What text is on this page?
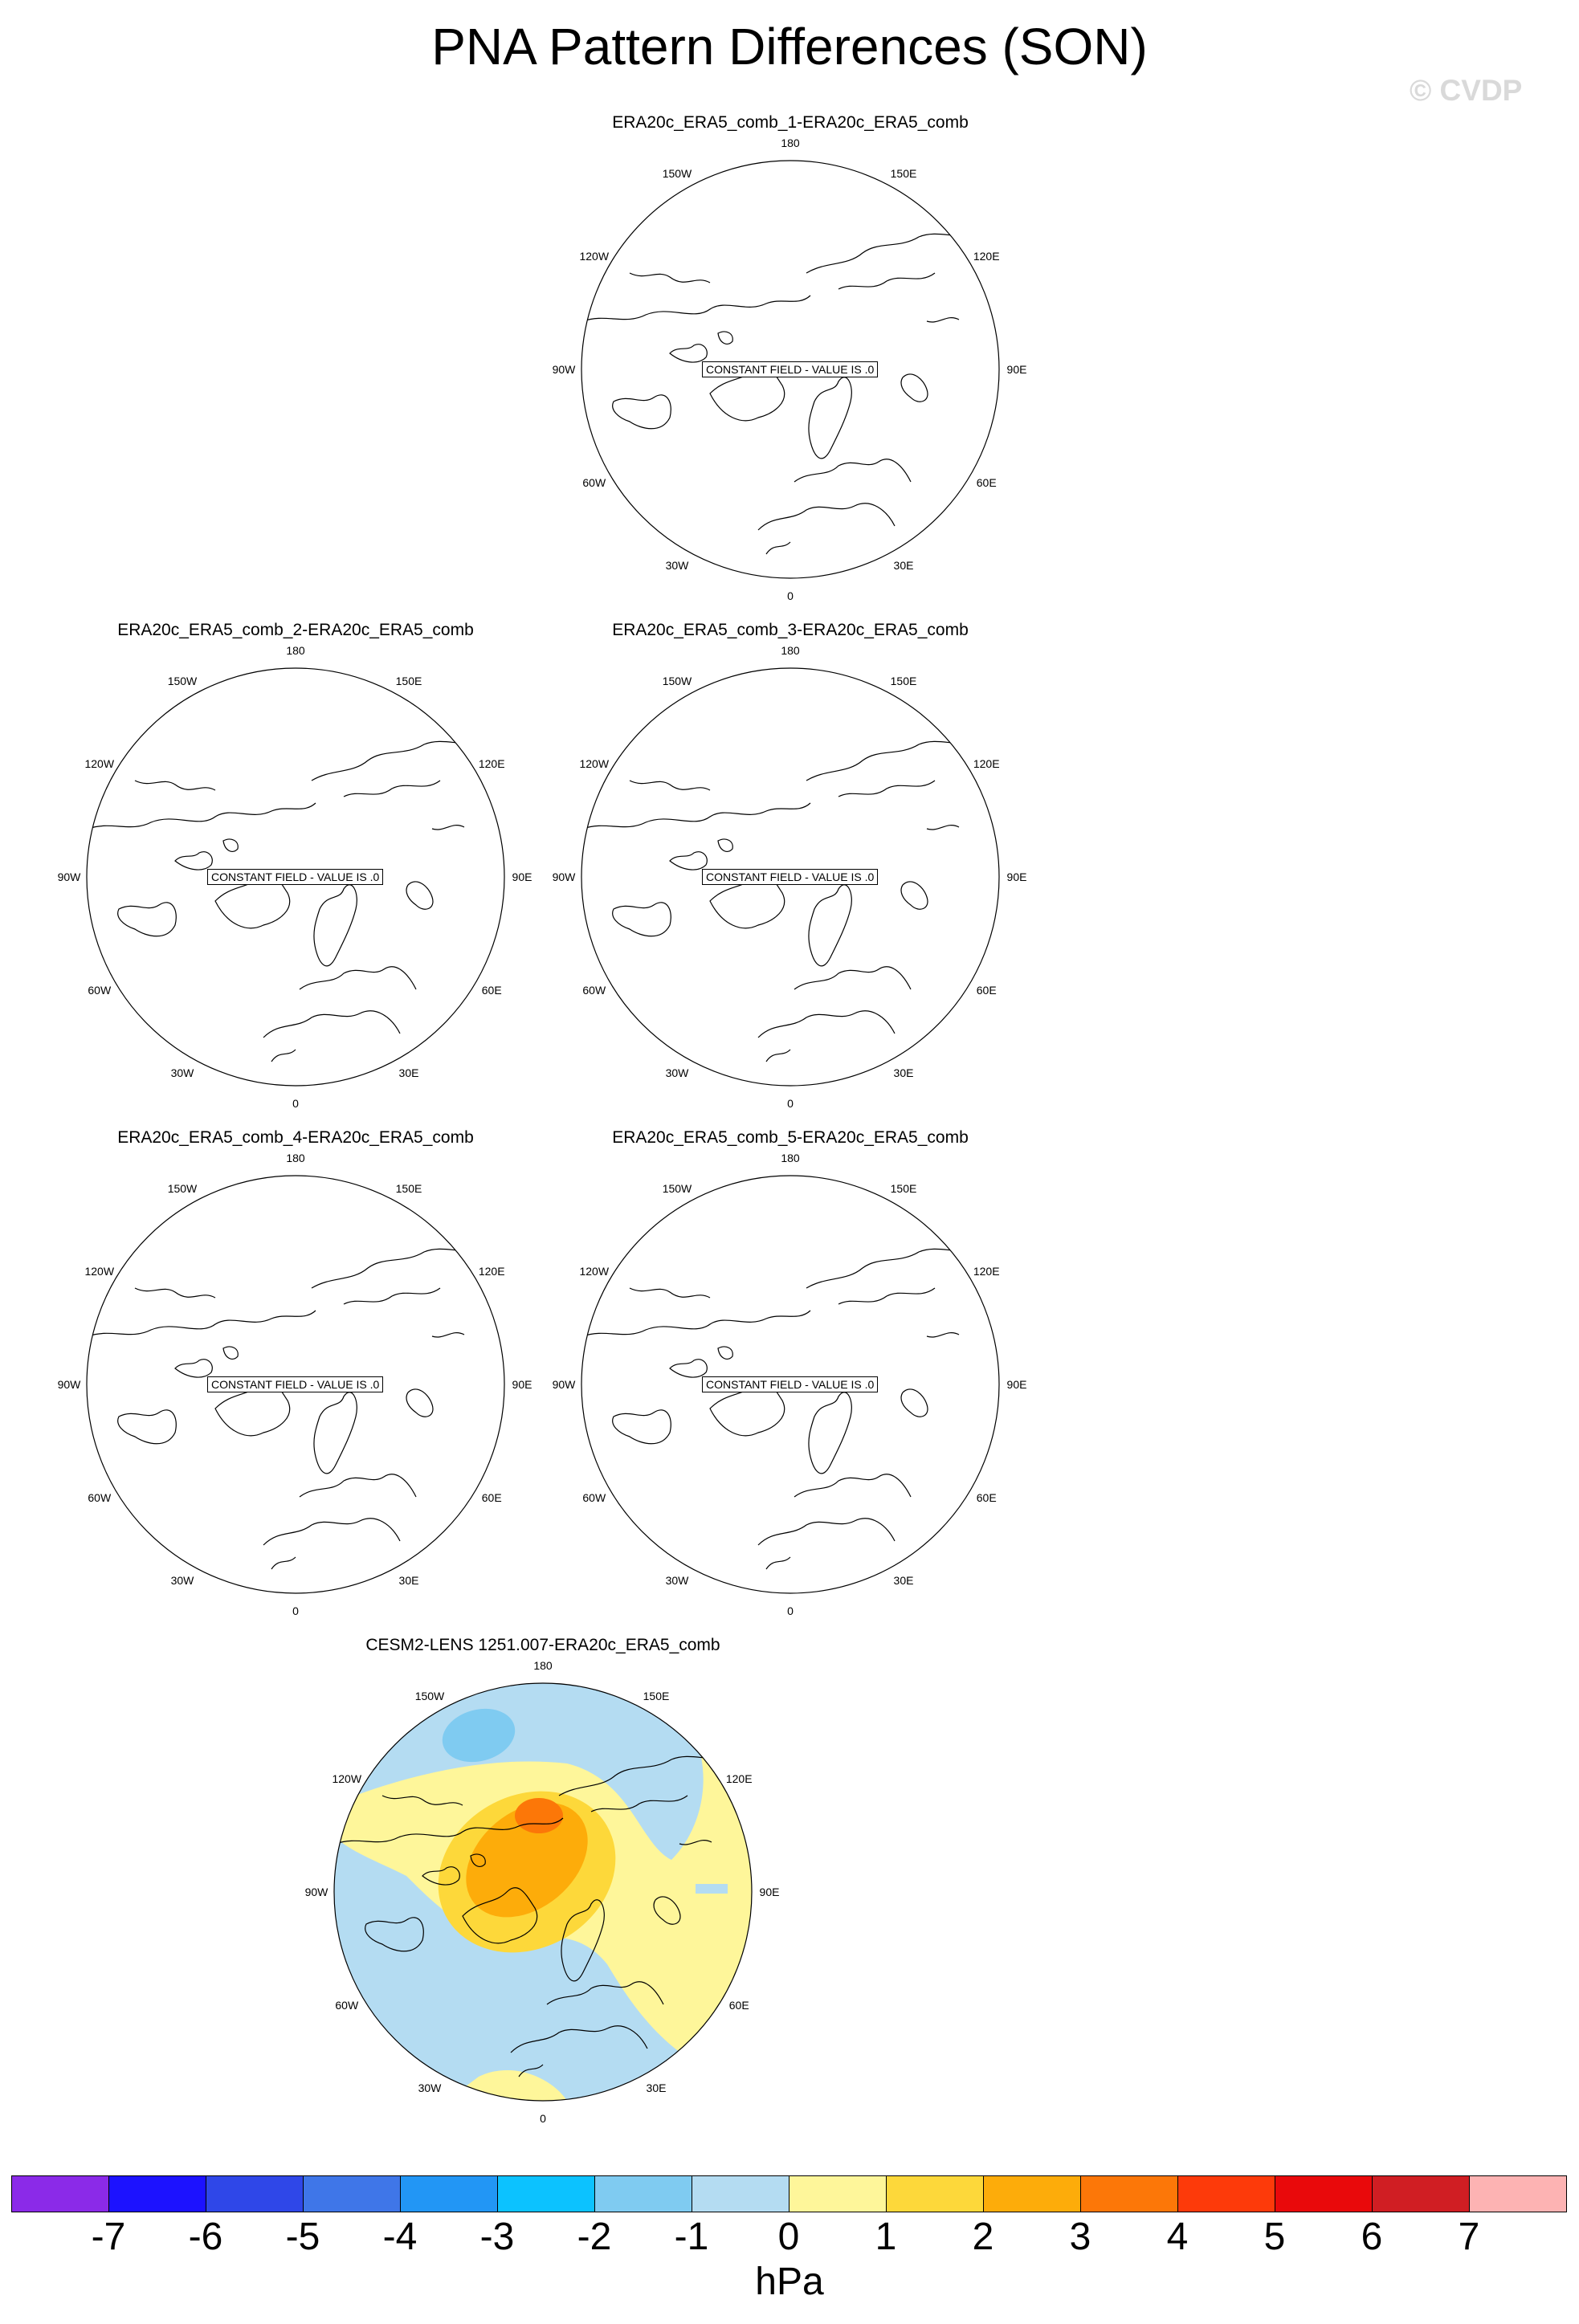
PNA Pattern Differences (SON)
© CVDP
ERA20c_ERA5_comb_1-ERA20c_ERA5_comb
180
150E
120E
90E
60E
30E
0
30W
60W
90W
120W
150W
CONSTANT FIELD - VALUE IS .0
ERA20c_ERA5_comb_2-ERA20c_ERA5_comb
180
150E
120E
90E
60E
30E
0
30W
60W
90W
120W
150W
CONSTANT FIELD - VALUE IS .0
ERA20c_ERA5_comb_3-ERA20c_ERA5_comb
180
150E
120E
90E
60E
30E
0
30W
60W
90W
120W
150W
CONSTANT FIELD - VALUE IS .0
ERA20c_ERA5_comb_4-ERA20c_ERA5_comb
180
150E
120E
90E
60E
30E
0
30W
60W
90W
120W
150W
CONSTANT FIELD - VALUE IS .0
ERA20c_ERA5_comb_5-ERA20c_ERA5_comb
180
150E
120E
90E
60E
30E
0
30W
60W
90W
120W
150W
CONSTANT FIELD - VALUE IS .0
CESM2-LENS 1251.007-ERA20c_ERA5_comb
180
150E
120E
90E
60E
30E
0
30W
60W
90W
120W
150W
-7	-6	-5	-4	-3	-2	-1	0	1	2	3	4	5	6	7
hPa
